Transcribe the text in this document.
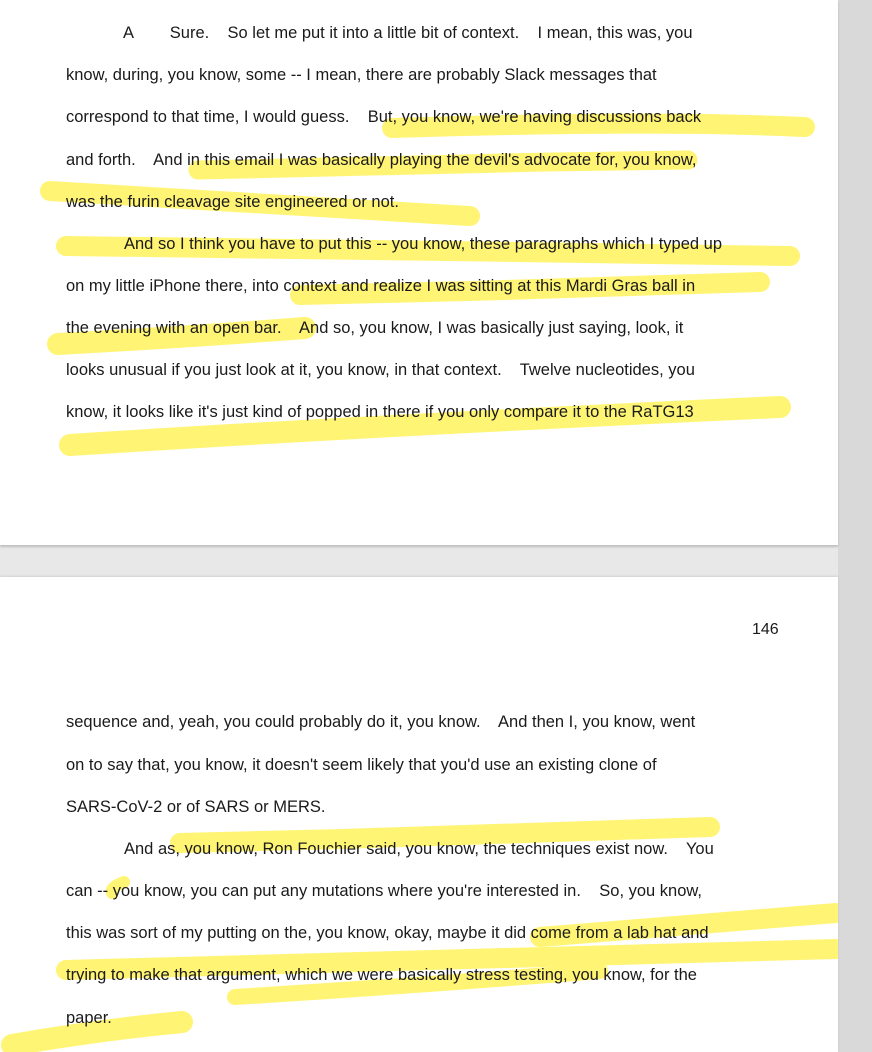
A        Sure.    So let me put it into a little bit of context.    I mean, this was, you
know, during, you know, some -- I mean, there are probably Slack messages that
correspond to that time, I would guess.    But, you know, we're having discussions back
and forth.    And in this email I was basically playing the devil's advocate for, you know,
was the furin cleavage site engineered or not.
And so I think you have to put this -- you know, these paragraphs which I typed up
on my little iPhone there, into context and realize I was sitting at this Mardi Gras ball in
the evening with an open bar.    And so, you know, I was basically just saying, look, it
looks unusual if you just look at it, you know, in that context.    Twelve nucleotides, you
know, it looks like it's just kind of popped in there if you only compare it to the RaTG13
146
sequence and, yeah, you could probably do it, you know.    And then I, you know, went
on to say that, you know, it doesn't seem likely that you'd use an existing clone of
SARS-CoV-2 or of SARS or MERS.
And as, you know, Ron Fouchier said, you know, the techniques exist now.    You
can -- you know, you can put any mutations where you're interested in.    So, you know,
this was sort of my putting on the, you know, okay, maybe it did come from a lab hat and
trying to make that argument, which we were basically stress testing, you know, for the
paper.
